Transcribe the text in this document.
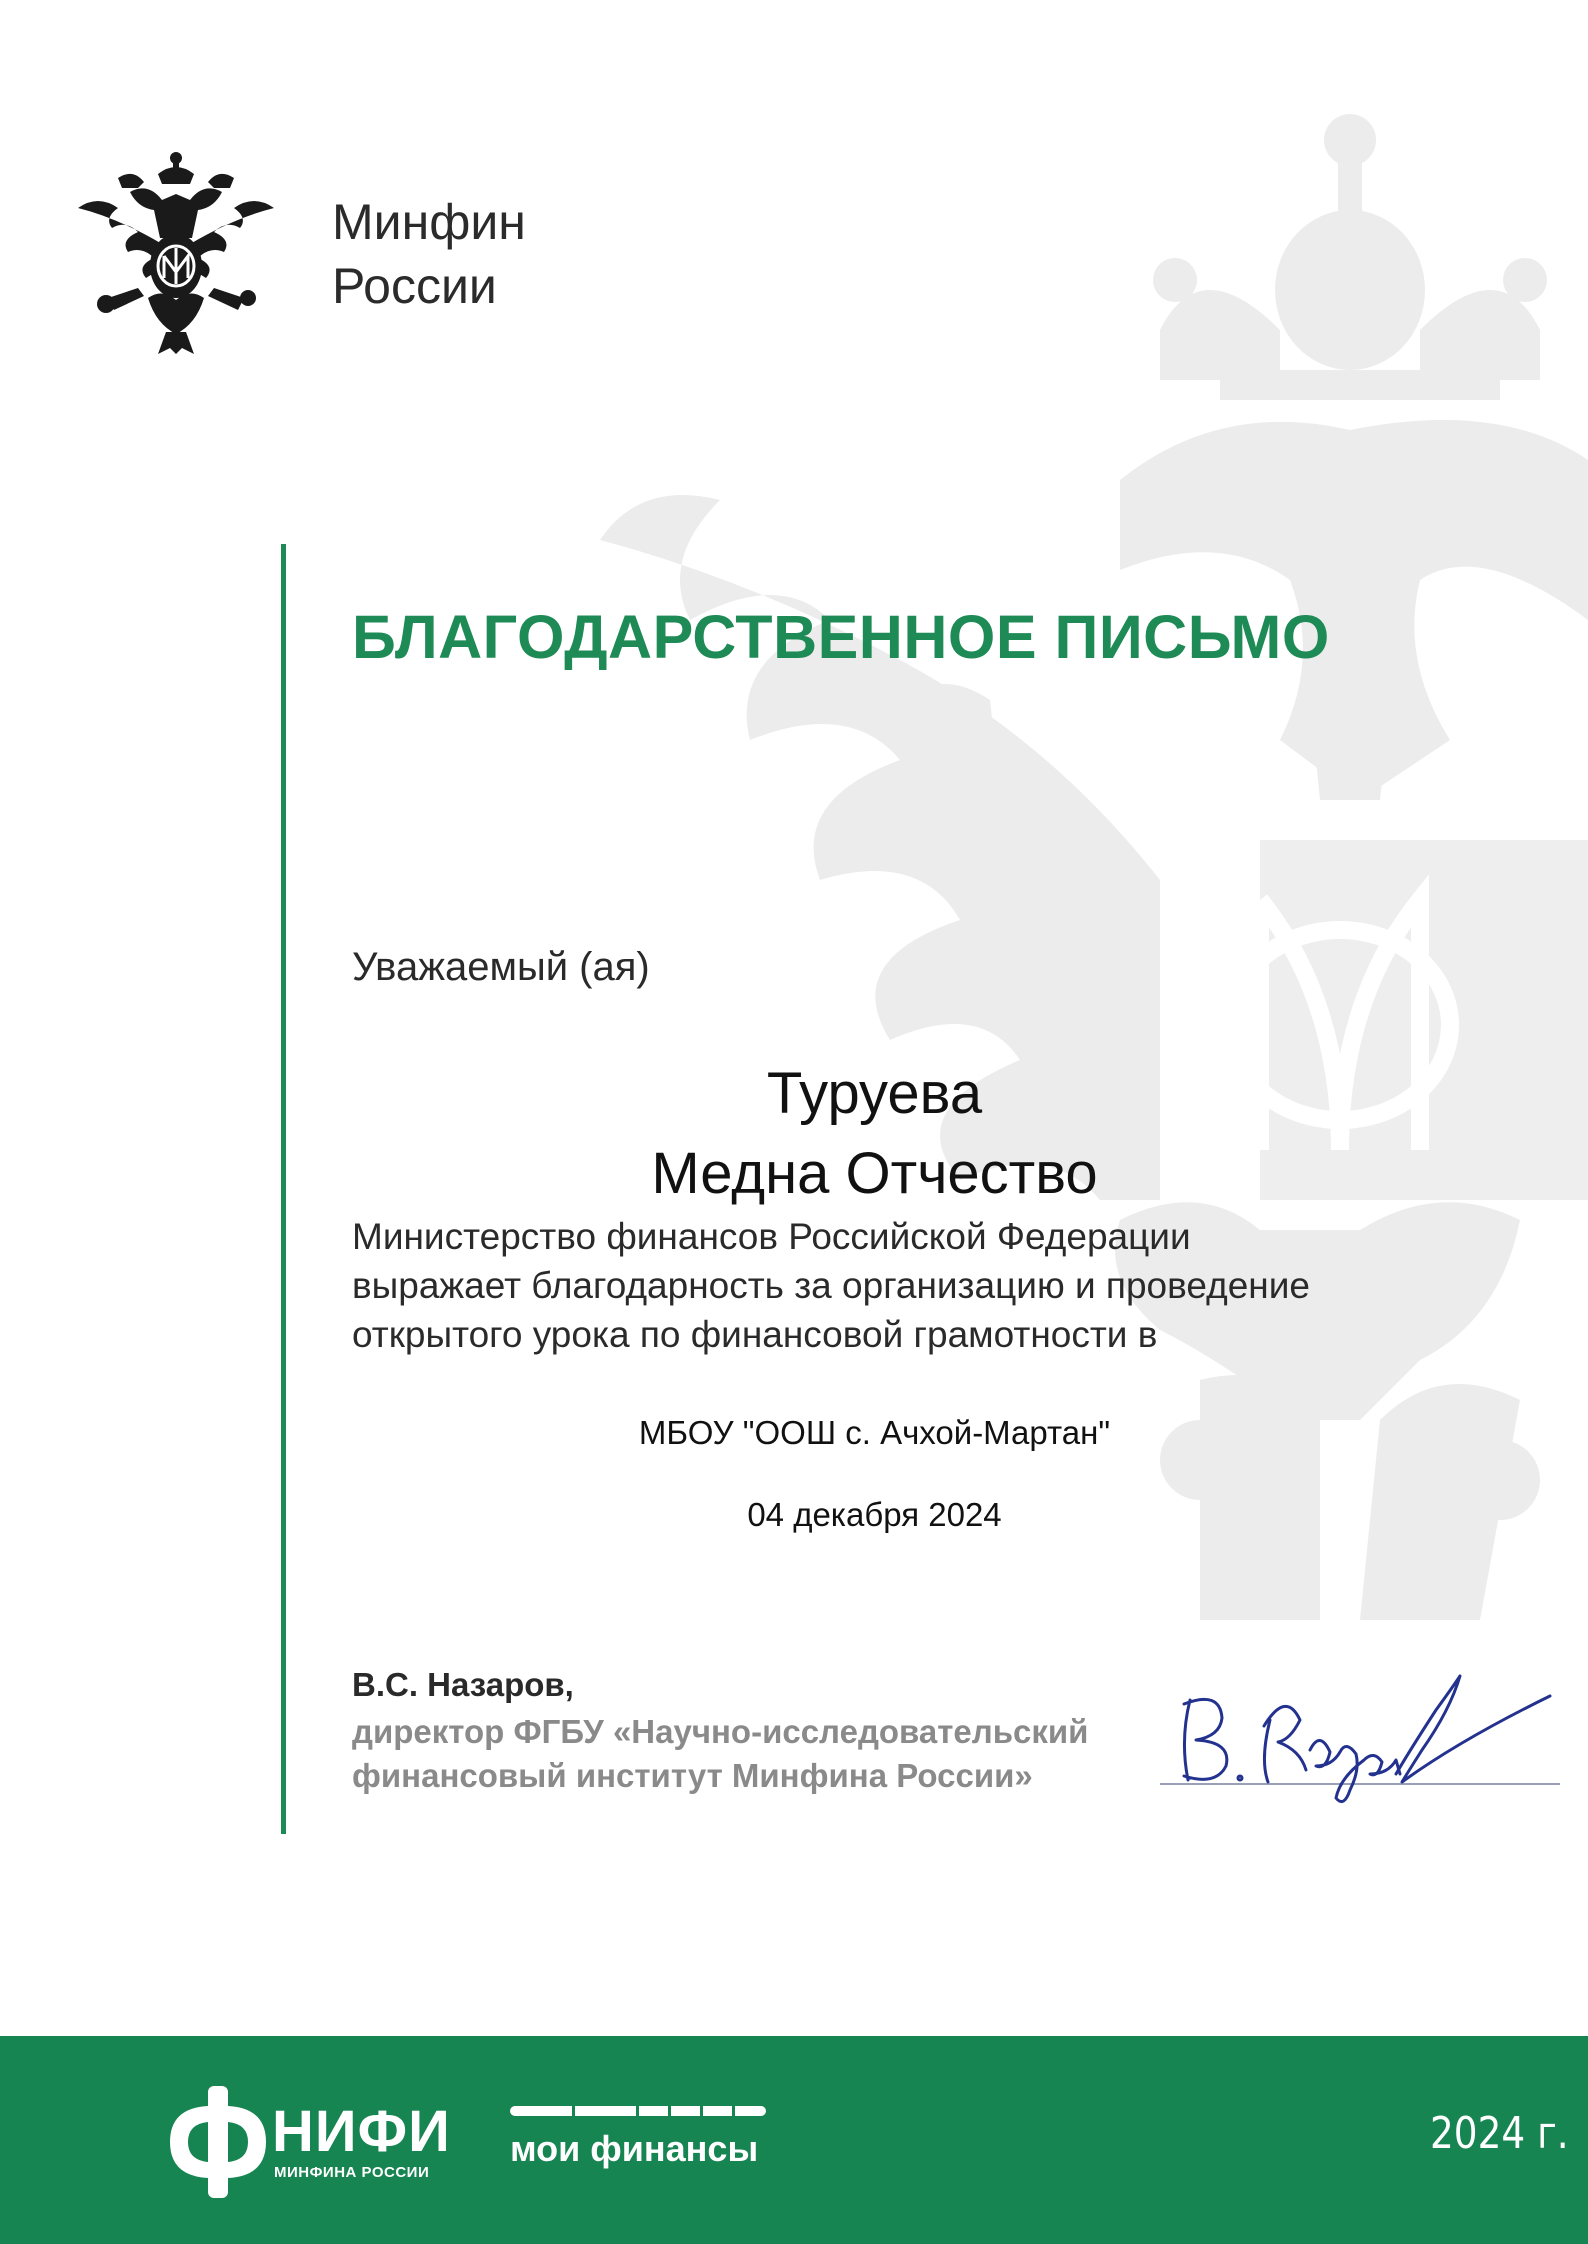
Минфин
России
БЛАГОДАРСТВЕННОЕ ПИСЬМО
Уважаемый (ая)
Туруева
Медна Отчество
Министерство финансов Российской Федерации
выражает благодарность за организацию и проведение
открытого урока по финансовой грамотности в
МБОУ "ООШ с. Ачхой-Мартан"
04 декабря 2024
В.С. Назаров,
директор ФГБУ «Научно-исследовательский
финансовый институт Минфина России»
НИФИ
МИНФИНА РОССИИ
мои финансы	2024 г.
